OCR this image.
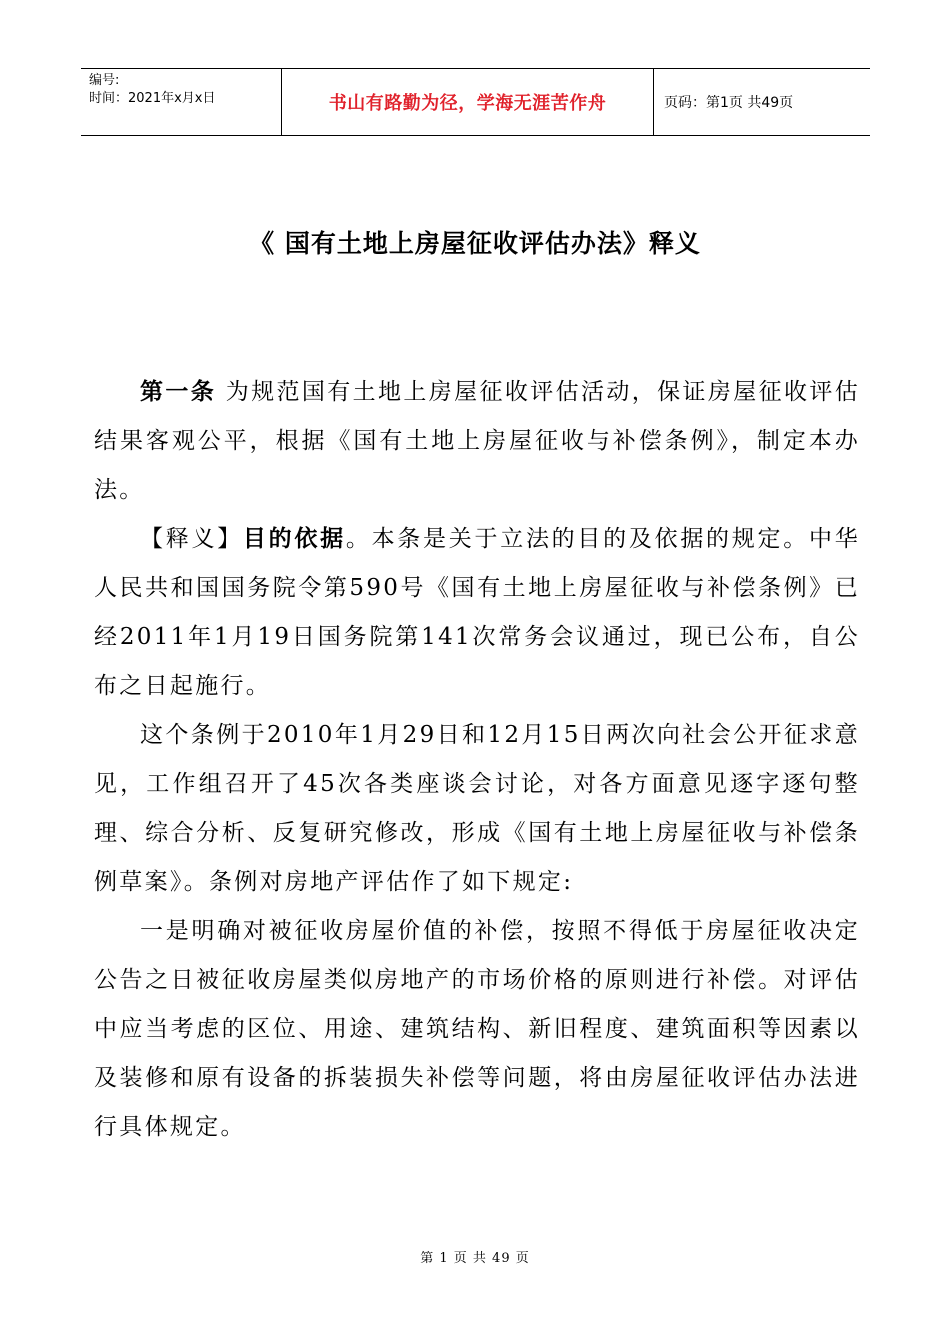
编号:
时间：2021年x月x日	书山有路勤为径，学海无涯苦作舟	页码：第1页 共49页
《 国有土地上房屋征收评估办法》释义

第一条 为规范国有土地上房屋征收评估活动，保证房屋征收评估结果客观公平，根据《国有土地上房屋征收与补偿条例》，制定本办法。

【释义】目的依据。本条是关于立法的目的及依据的规定。中华人民共和国国务院令第590号《国有土地上房屋征收与补偿条例》已经2011年1月19日国务院第141次常务会议通过，现已公布，自公布之日起施行。

这个条例于2010年1月29日和12月15日两次向社会公开征求意见，工作组召开了45次各类座谈会讨论，对各方面意见逐字逐句整理、综合分析、反复研究修改，形成《国有土地上房屋征收与补偿条例草案》。条例对房地产评估作了如下规定:

一是明确对被征收房屋价值的补偿，按照不得低于房屋征收决定公告之日被征收房屋类似房地产的市场价格的原则进行补偿。对评估中应当考虑的区位、用途、建筑结构、新旧程度、建筑面积等因素以及装修和原有设备的拆装损失补偿等问题，将由房屋征收评估办法进行具体规定。

第 1 页 共 49 页
